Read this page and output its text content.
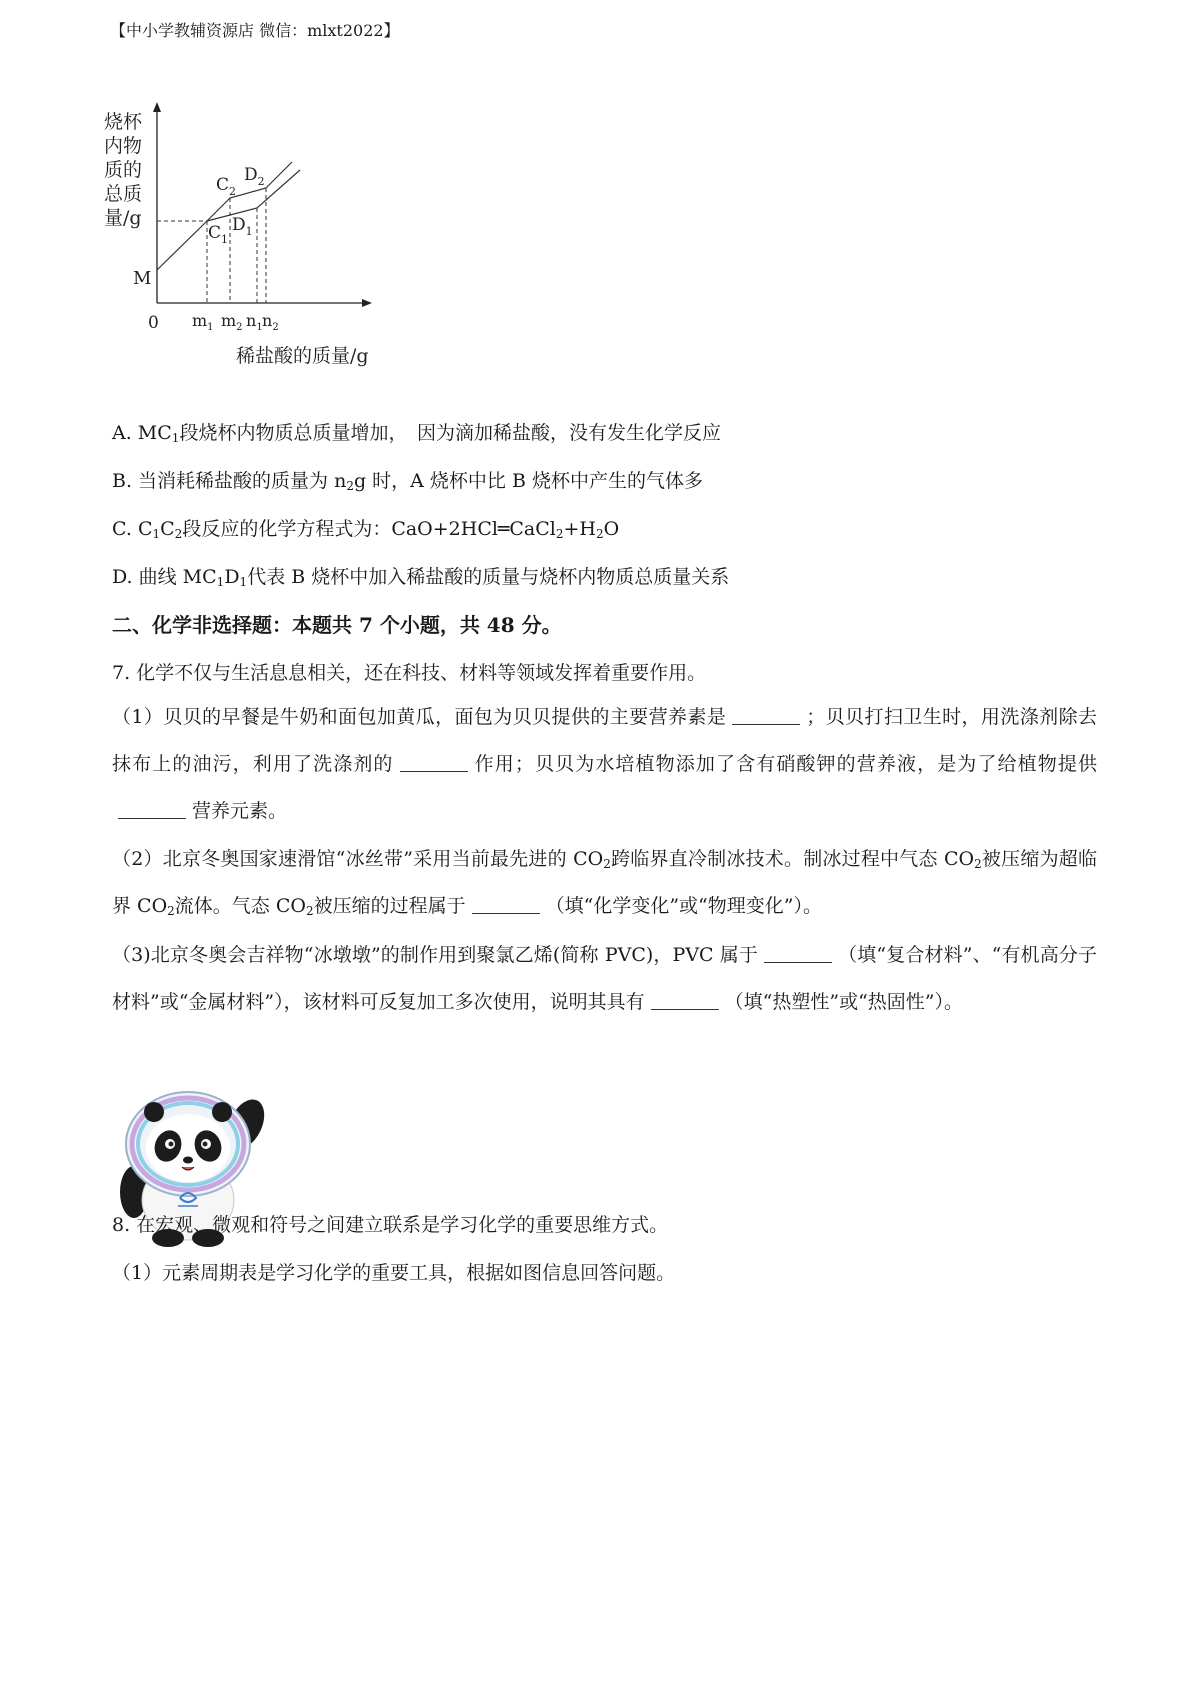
【中小学教辅资源店 微信：mlxt2022】
烧杯
内物
质的
总质
量/g
M
0
$C_2$
$D_2$
$C_1$
$D_1$
$m_1$ $m_2$ $n_1$ $n_2$
稀盐酸的质量/g
A. $MC_1$段烧杯内物质总质量增加，　因为滴加稀盐酸，没有发生化学反应
B. 当消耗稀盐酸的质量为 $n_2g$ 时，A 烧杯中比 B 烧杯中产生的气体多
C. $C_1C_2$段反应的化学方程式为：$CaO+2HCl═CaCl_2+H_2O$
D. 曲线 $MC_1D_1$代表 B 烧杯中加入稀盐酸的质量与烧杯内物质总质量关系
二、化学非选择题：本题共 7 个小题，共 48 分。
7. 化学不仅与生活息息相关，还在科技、材料等领域发挥着重要作用。
（1）贝贝的早餐是牛奶和面包加黄瓜，面包为贝贝提供的主要营养素是	；贝贝打扫卫生时，用洗涤剂除去抹布上的油污，利用了洗涤剂的	作用；贝贝为水培植物添加了含有硝酸钾的营养液，是为了给植物提供营养元素。
（2）北京冬奥国家速滑馆“冰丝带”采用当前最先进的 $CO_2$跨临界直冷制冰技术。制冰过程中气态 $CO_2$被压缩为超临界 $CO_2$流体。气态 $CO_2$被压缩的过程属于	（填“化学变化”或“物理变化”）。
（3)北京冬奥会吉祥物“冰墩墩”的制作用到聚氯乙烯(简称 PVC)，PVC 属于	（填“复合材料”、“有机高分子材料”或“金属材料”），该材料可反复加工多次使用，说明其具有	（填“热塑性”或“热固性”）。
8. 在宏观、微观和符号之间建立联系是学习化学的重要思维方式。
（1）元素周期表是学习化学的重要工具，根据如图信息回答问题。
